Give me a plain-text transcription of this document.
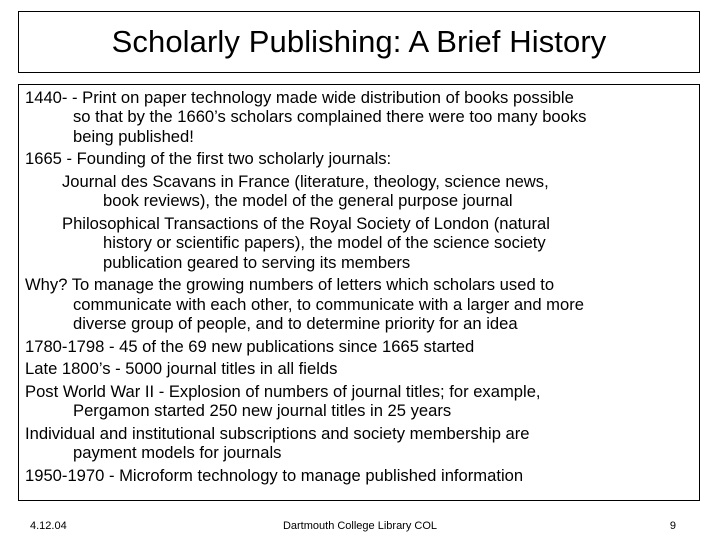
Scholarly Publishing: A Brief History
1440- - Print on paper technology made wide distribution of books possible
so that by the 1660’s scholars complained there were too many books
being published!
1665 - Founding of the first two scholarly journals:
Journal des Scavans in France (literature, theology, science news,
book reviews), the model of the general purpose journal
Philosophical Transactions of the Royal Society of London (natural
history or scientific papers), the model of the science society
publication geared to serving its members
Why? To manage the growing numbers of letters which scholars used to
communicate with each other, to communicate with a larger and more
diverse group of people, and to determine priority for an idea
1780-1798 - 45 of the 69 new publications since 1665 started
Late 1800’s - 5000 journal titles in all fields
Post World War II - Explosion of numbers of journal titles; for example,
Pergamon started 250 new journal titles in 25 years
Individual and institutional subscriptions and society membership are
payment models for journals
1950-1970 - Microform technology to manage published information
Dartmouth College Library COL
4.12.04	9
